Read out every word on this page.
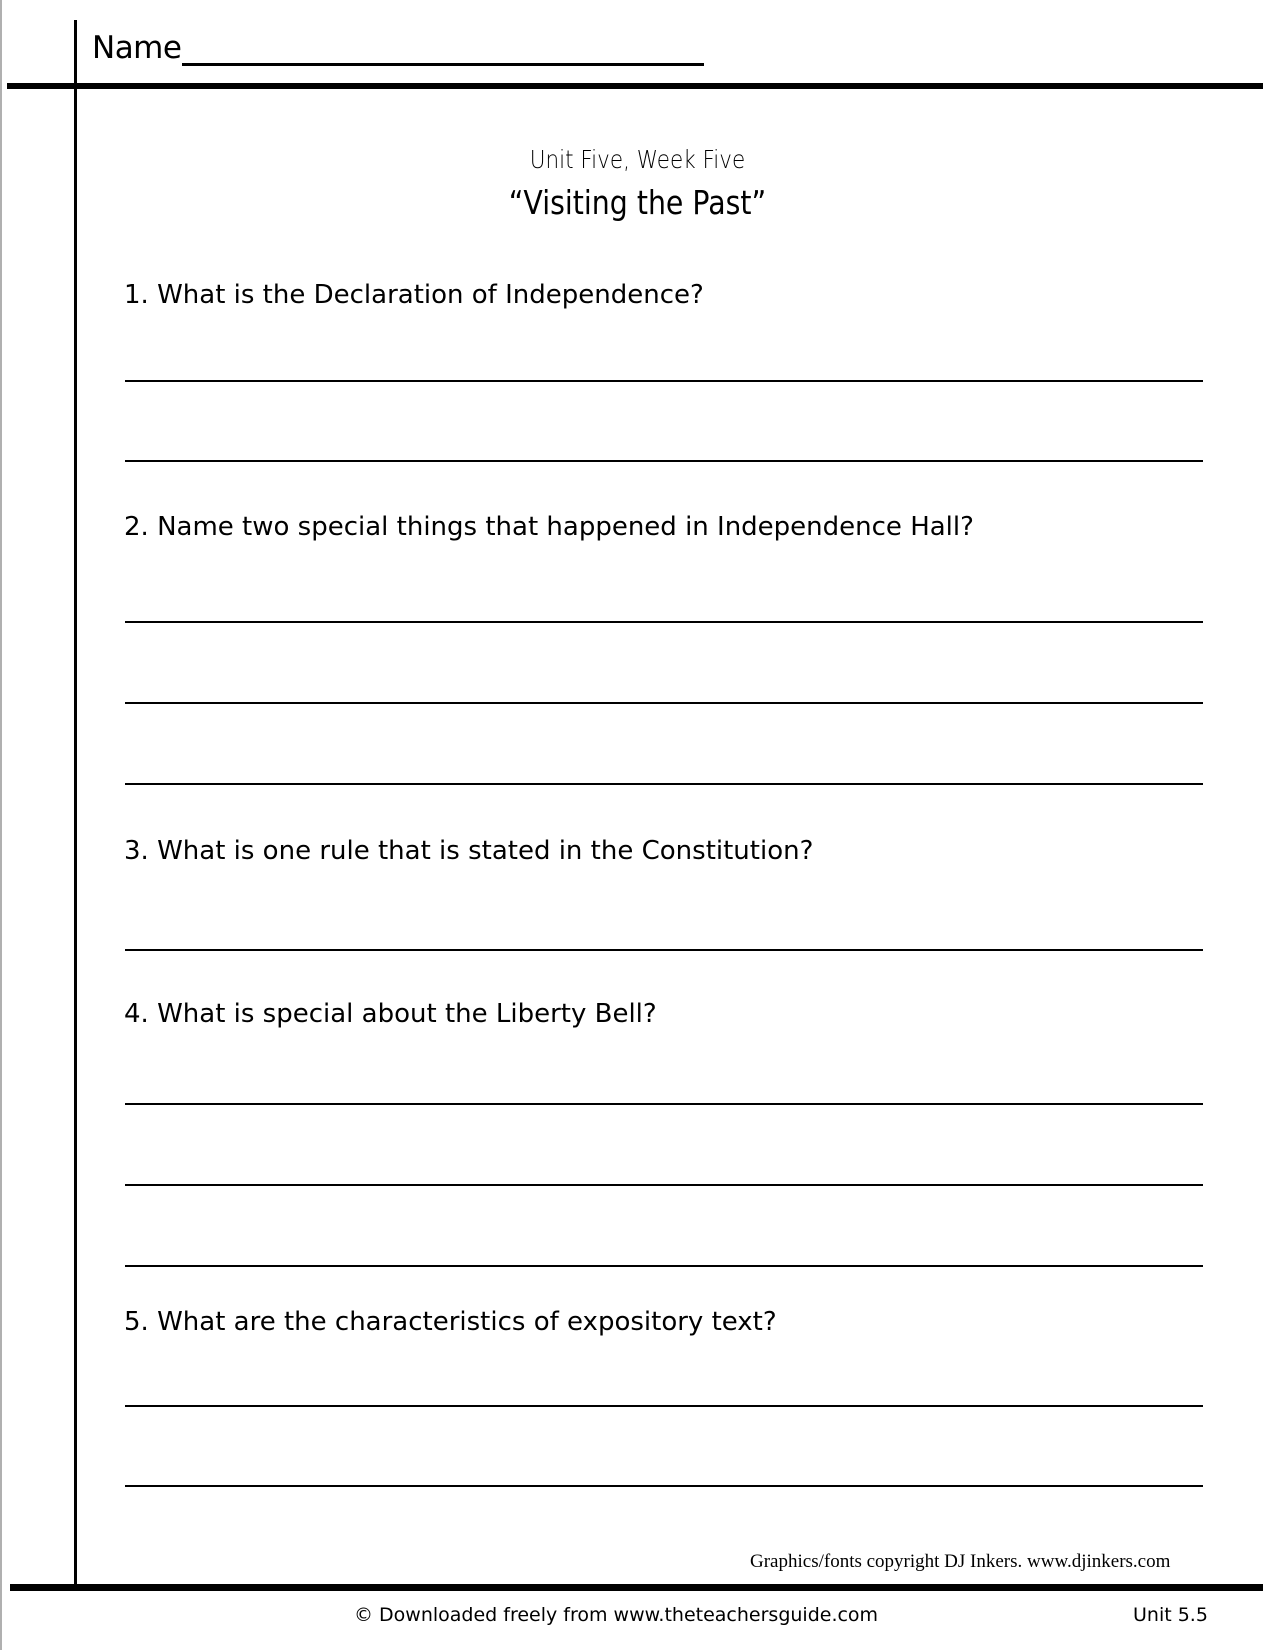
Name
Unit Five, Week Five
“Visiting the Past”
1. What is the Declaration of Independence?
2. Name two special things that happened in Independence Hall?
3. What is one rule that is stated in the Constitution?
4. What is special about the Liberty Bell?
5. What are the characteristics of expository text?
Graphics/fonts copyright DJ Inkers. www.djinkers.com
© Downloaded freely from www.theteachersguide.com	Unit 5.5
